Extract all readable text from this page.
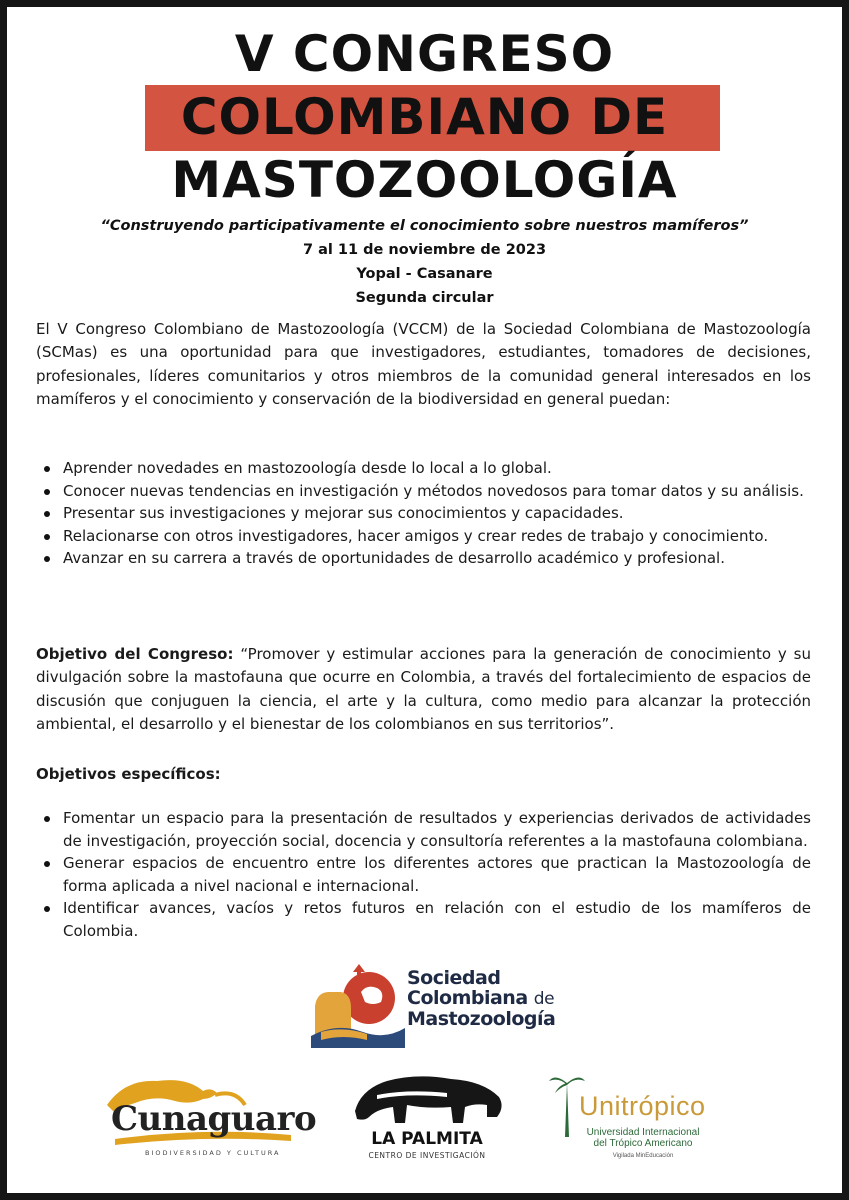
V CONGRESO
COLOMBIANO DE
MASTOZOOLOGÍA
“Construyendo participativamente el conocimiento sobre nuestros mamíferos”
7 al 11 de noviembre de 2023
Yopal - Casanare
Segunda circular
El V Congreso Colombiano de Mastozoología (VCCM) de la Sociedad Colombiana de Mastozoología (SCMas) es una oportunidad para que investigadores, estudiantes, tomadores de decisiones, profesionales, líderes comunitarios y otros miembros de la comunidad general interesados en los mamíferos y el conocimiento y conservación de la biodiversidad en general puedan:
Aprender novedades en mastozoología desde lo local a lo global.
Conocer nuevas tendencias en investigación y métodos novedosos para tomar datos y su análisis.
Presentar sus investigaciones y mejorar sus conocimientos y capacidades.
Relacionarse con otros investigadores, hacer amigos y crear redes de trabajo y conocimiento.
Avanzar en su carrera a través de oportunidades de desarrollo académico y profesional.
Objetivo del Congreso: “Promover y estimular acciones para la generación de conocimiento y su divulgación sobre la mastofauna que ocurre en Colombia, a través del fortalecimiento de espacios de discusión que conjuguen la ciencia, el arte y la cultura, como medio para alcanzar la protección ambiental, el desarrollo y el bienestar de los colombianos en sus territorios”.
Objetivos específicos:
Fomentar un espacio para la presentación de resultados y experiencias derivados de actividades de investigación, proyección social, docencia y consultoría referentes a la mastofauna colombiana.
Generar espacios de encuentro entre los diferentes actores que practican la Mastozoología de forma aplicada a nivel nacional e internacional.
Identificar avances, vacíos y retos futuros en relación con el estudio de los mamíferos de Colombia.
Sociedad
Colombiana de
Mastozoología
Cunaguaro
BIODIVERSIDAD Y CULTURA
LA PALMITA
CENTRO DE INVESTIGACIÓN
Unitrópico
Universidad Internacional
del Trópico Americano
Vigilada MinEducación
